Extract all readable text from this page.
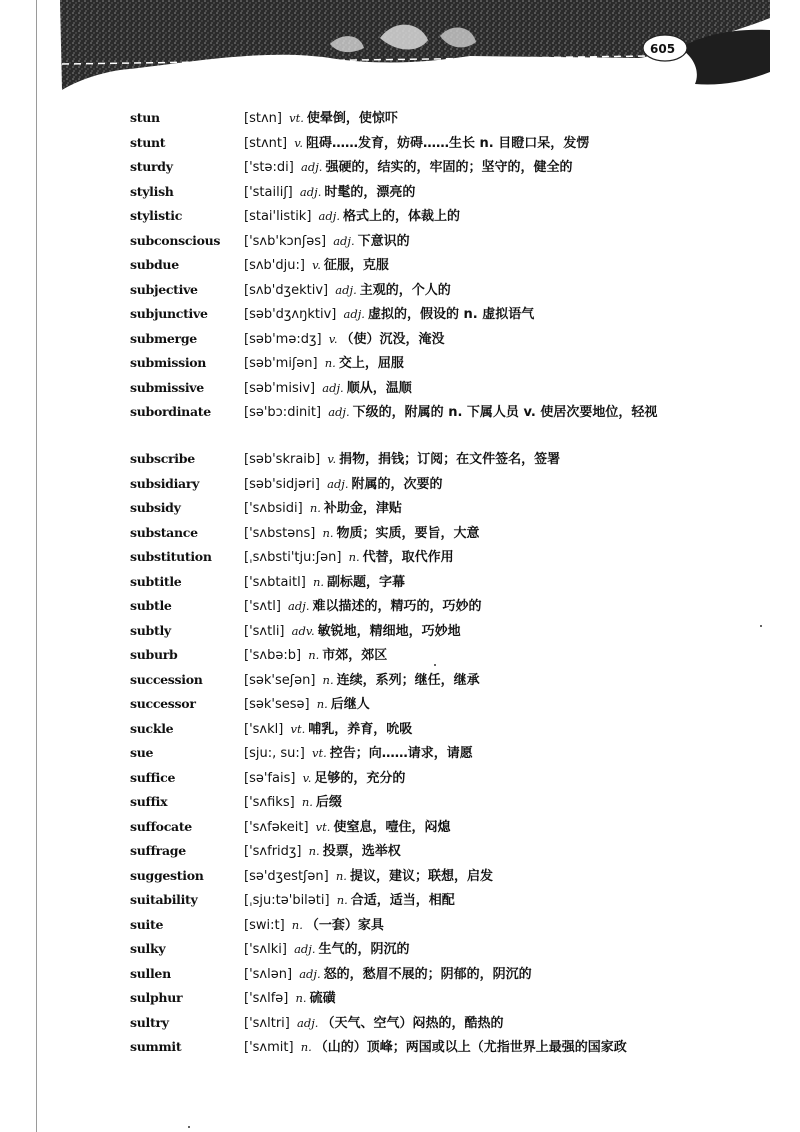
605
stun	[stʌn] vt. 使晕倒，使惊吓
stunt	[stʌnt] v. 阻碍……发育，妨碍……生长 n. 目瞪口呆，发愣
sturdy	['stə:di] adj. 强硬的，结实的，牢固的；坚守的，健全的
stylish	['stailiʃ] adj. 时髦的，漂亮的
stylistic	[stai'listik] adj. 格式上的，体裁上的
subconscious ['sʌb'kɔnʃəs] adj. 下意识的
subdue	[sʌb'dju:] v. 征服，克服
subjective	[sʌb'dʒektiv] adj. 主观的，个人的
subjunctive	[səb'dʒʌŋktiv] adj. 虚拟的，假设的 n. 虚拟语气
submerge	[səb'mə:dʒ] v. （使）沉没，淹没
submission	[səb'miʃən] n. 交上，屈服
submissive	[səb'misiv] adj. 顺从，温顺
subordinate	[sə'bɔ:dinit] adj. 下级的，附属的 n. 下属人员 v. 使居次要地位，轻视
subscribe	[səb'skraib] v. 捐物，捐钱；订阅；在文件签名，签署
subsidiary	[səb'sidjəri] adj. 附属的，次要的
subsidy	['sʌbsidi] n. 补助金，津贴
substance	['sʌbstəns] n. 物质；实质，要旨，大意
substitution [ˌsʌbsti'tju:ʃən] n. 代替，取代作用
subtitle	['sʌbtaitl] n. 副标题，字幕
subtle	['sʌtl] adj. 难以描述的，精巧的，巧妙的
subtly	['sʌtli] adv. 敏锐地，精细地，巧妙地
suburb	['sʌbə:b] n. 市郊，郊区
succession	[sək'seʃən] n. 连续，系列；继任，继承
successor	[sək'sesə] n. 后继人
suckle	['sʌkl] vt. 哺乳，养育，吮吸
sue	[sju:, su:] vt. 控告；向……请求，请愿
suffice	[sə'fais] v. 足够的，充分的
suffix	['sʌfiks] n. 后缀
suffocate	['sʌfəkeit] vt. 使窒息，噎住，闷熄
suffrage	['sʌfridʒ] n. 投票，选举权
suggestion	[sə'dʒestʃən] n. 提议，建议；联想，启发
suitability	[ˌsju:tə'biləti] n. 合适，适当，相配
suite	[swi:t] n. （一套）家具
sulky	['sʌlki] adj. 生气的，阴沉的
sullen	['sʌlən] adj. 怒的，愁眉不展的；阴郁的，阴沉的
sulphur	['sʌlfə] n. 硫磺
sultry	['sʌltri] adj. （天气、空气）闷热的，酷热的
summit	['sʌmit] n. （山的）顶峰；两国或以上（尤指世界上最强的国家政
